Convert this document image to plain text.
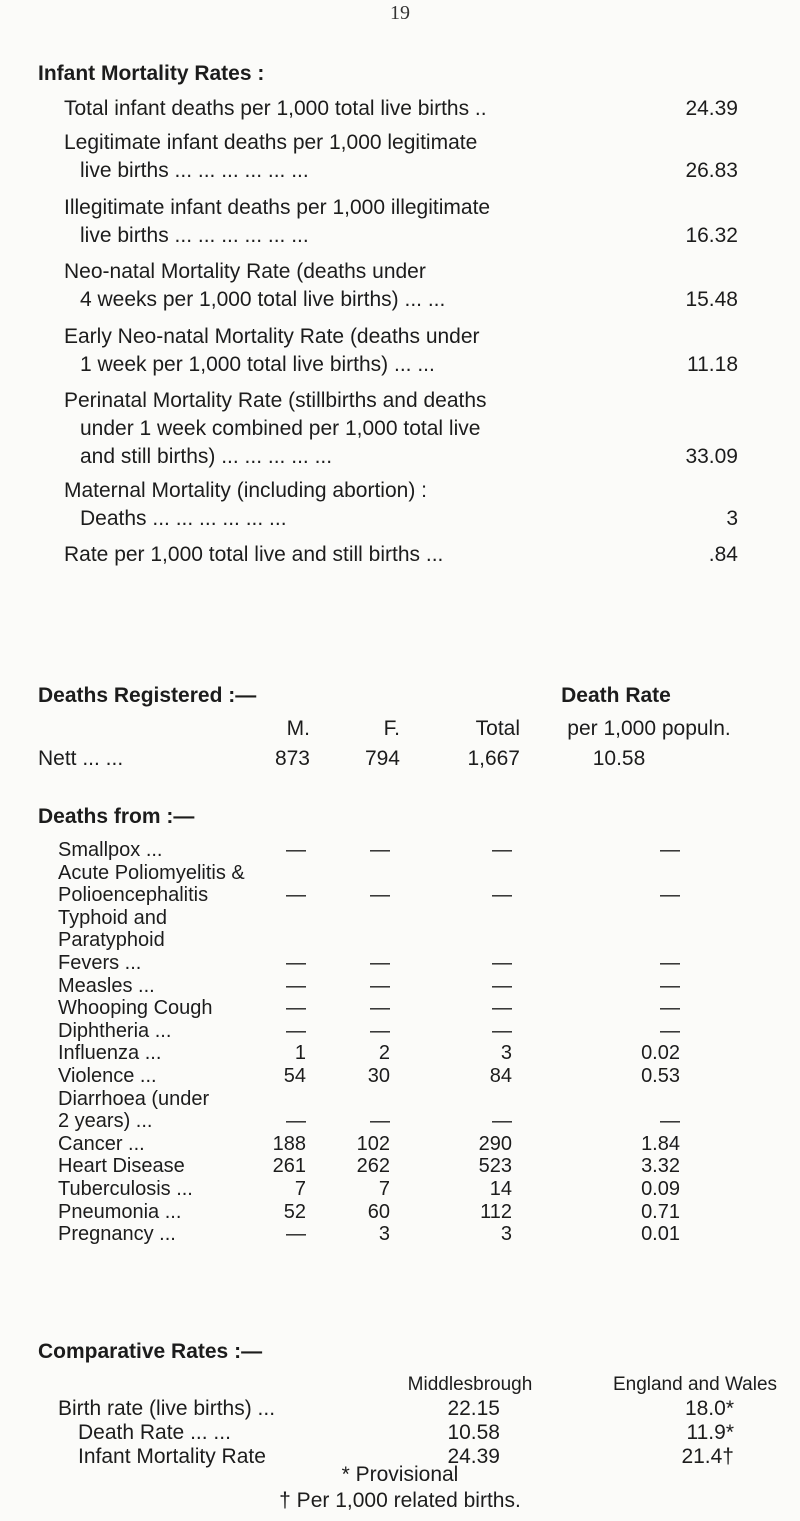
19
Infant Mortality Rates :
Total infant deaths per 1,000 total live births ..	24.39
Legitimate infant deaths per 1,000 legitimate
live births ... ... ... ... ... ...	26.83
Illegitimate infant deaths per 1,000 illegitimate
live births ... ... ... ... ... ...	16.32
Neo-natal Mortality Rate (deaths under
4 weeks per 1,000 total live births) ... ...	15.48
Early Neo-natal Mortality Rate (deaths under
1 week per 1,000 total live births) ... ...	11.18
Perinatal Mortality Rate (stillbirths and deaths
under 1 week combined per 1,000 total live
and still births) ... ... ... ... ...	33.09
Maternal Mortality (including abortion) :
Deaths ... ... ... ... ... ...	3
Rate per 1,000 total live and still births ...	.84
Deaths Registered :—	Death Rate
M.	F.	Total	per 1,000 populn.
Nett ... ...	873	794	1,667	10.58
Deaths from :—
Smallpox ...	—	—	—	—
Acute Poliomyelitis &
Polioencephalitis	—	—	—	—
Typhoid and
Paratyphoid
Fevers ...	—	—	—	—
Measles ...	—	—	—	—
Whooping Cough	—	—	—	—
Diphtheria ...	—	—	—	—
Influenza ...	1	2	3	0.02
Violence ...	54	30	84	0.53
Diarrhoea (under
2 years) ...	—	—	—	—
Cancer ...	188	102	290	1.84
Heart Disease	261	262	523	3.32
Tuberculosis ...	7	7	14	0.09
Pneumonia ...	52	60	112	0.71
Pregnancy ...	—	3	3	0.01
Comparative Rates :—
Middlesbrough	England and Wales
Birth rate (live births) ...	22.15	18.0*
Death Rate ... ...	10.58	11.9*
Infant Mortality Rate	24.39	21.4†
* Provisional
† Per 1,000 related births.
